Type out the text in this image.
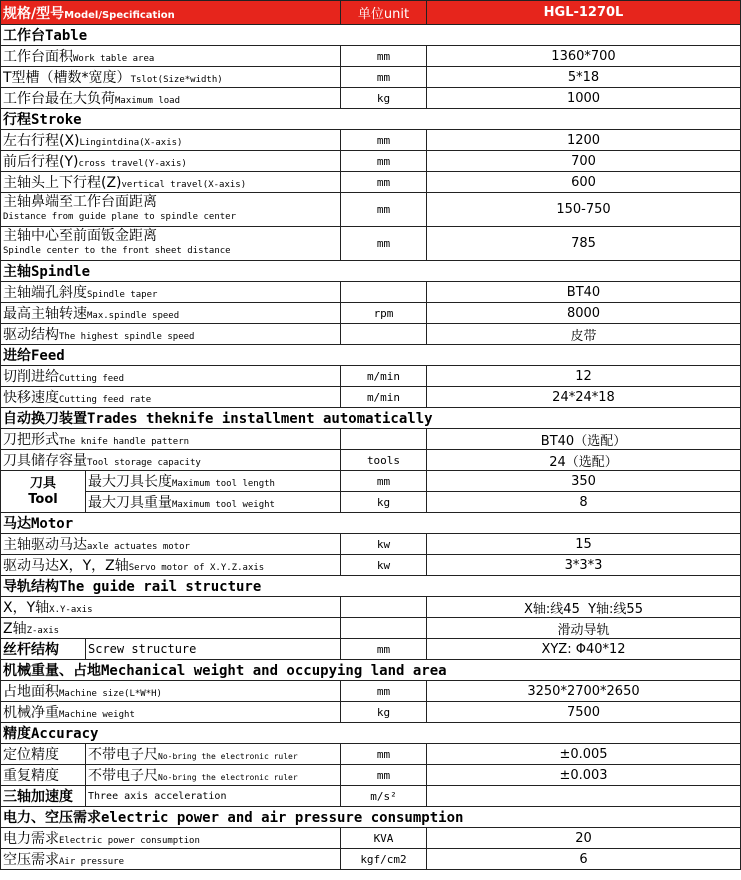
规格/型号Model/Specification		单位unit	HGL-1270L
工作台Table			
工作台面积Work table area		mm	1360*700
T型槽（槽数*宽度）Tslot(Size*width)		mm	5*18
工作台最在大负荷Maximum load		kg	1000
行程Stroke			
左右行程(X)Lingintdina(X-axis)		mm	1200
前后行程(Y)cross travel(Y-axis)		mm	700
主轴头上下行程(Z)vertical travel(X-axis)		mm	600

主轴鼻端至工作台面距离
Distance from guide plane to spindle center		mm	150-750

主轴中心至前面钣金距离
Spindle center to the front sheet distance		mm	785
主轴Spindle			
主轴端孔斜度Spindle taper			BT40
最高主轴转速Max.spindle speed		rpm	8000
驱动结构The highest spindle speed			皮带
进给Feed			
切削进给Cutting feed		m/min	12
快移速度Cutting feed rate		m/min	24*24*18
自动换刀装置Trades theknife installment automatically			
刀把形式The knife handle pattern			BT40（选配）
刀具储存容量Tool storage capacity		tools	24（选配）

刀具
Tool	最大刀具长度Maximum tool length	mm	350
	最大刀具重量Maximum tool weight	kg	8
马达Motor			
主轴驱动马达axle actuates motor		kw	15
驱动马达X，Y，Z轴Servo motor of X.Y.Z.axis		kw	3*3*3
导轨结构The guide rail structure			
X，Y轴X.Y-axis			X轴:线45  Y轴:线55
Z轴Z-axis			滑动导轨
丝杆结构	Screw structure	mm	XYZ: Φ40*12
机械重量、占地Mechanical weight and occupying land area			
占地面积Machine size(L*W*H)		mm	3250*2700*2650
机械净重Machine weight		kg	7500
精度Accuracy			
定位精度	不带电子尺No-bring the electronic ruler	mm	±0.005
重复精度	不带电子尺No-bring the electronic ruler	mm	±0.003
三轴加速度	Three axis acceleration	m/s²	
电力、空压需求electric power and air pressure consumption			
电力需求Electric power consumption		KVA	20
空压需求Air pressure		kgf/cm2	6
